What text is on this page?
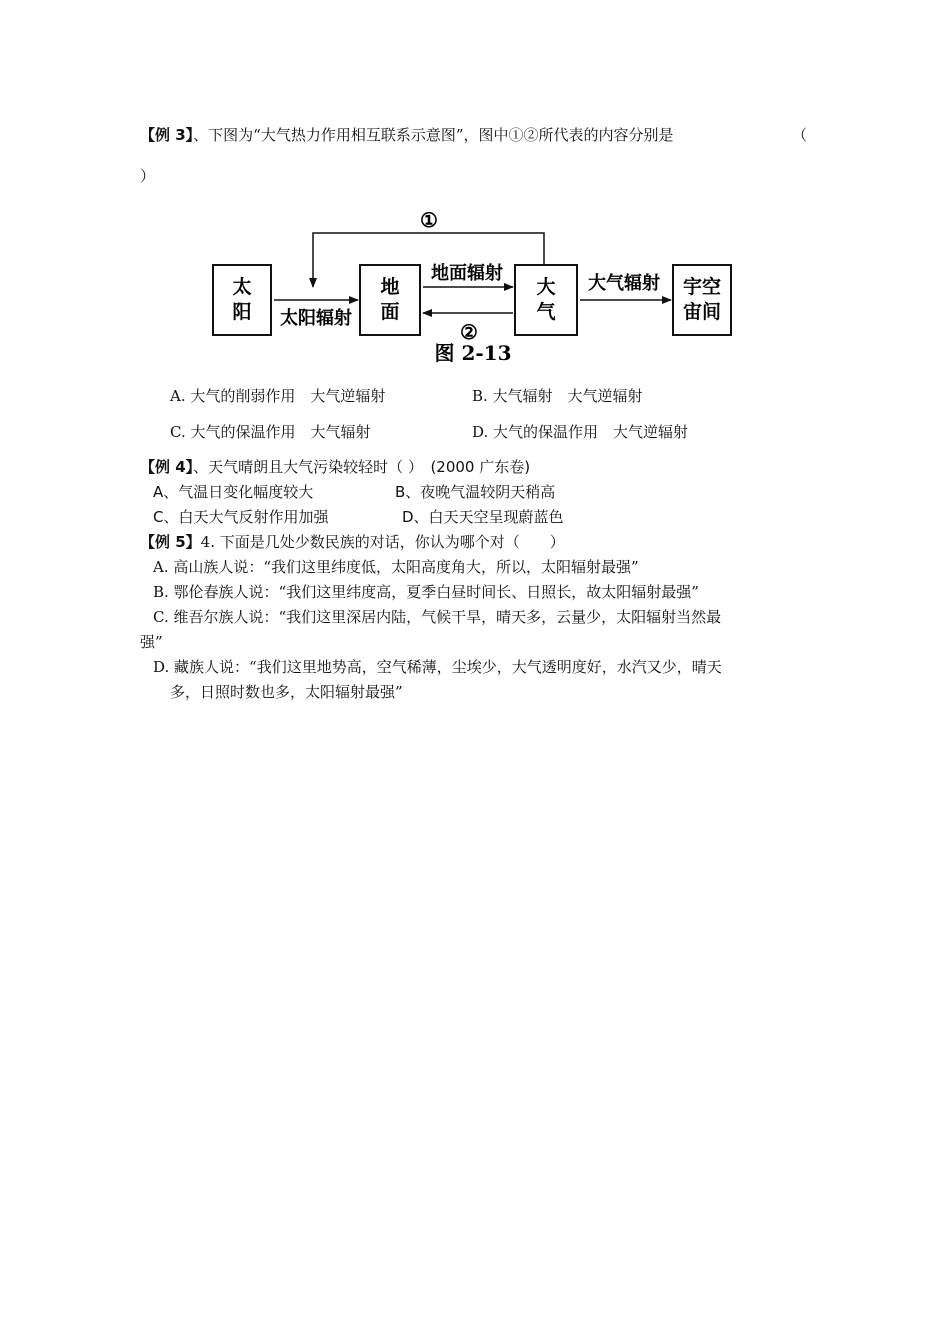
【例 3】、下图为“大气热力作用相互联系示意图”，图中①②所代表的内容分别是	（
）
太
阳
地
面
大
气
宇空
宙间
①
太阳辐射
地面辐射
②
大气辐射
图 2-13
A. 大气的削弱作用　大气逆辐射	B. 大气辐射　大气逆辐射
C. 大气的保温作用　大气辐射	D. 大气的保温作用　大气逆辐射
【例 4】、天气晴朗且大气污染较轻时（ ）　(2000 广东卷)
A、气温日变化幅度较大	B、夜晚气温较阴天稍高
C、白天大气反射作用加强	D、白天天空呈现蔚蓝色
【例 5】4. 下面是几处少数民族的对话，你认为哪个对（　　）
A. 高山族人说：“我们这里纬度低，太阳高度角大，所以，太阳辐射最强”
B. 鄂伦春族人说：“我们这里纬度高，夏季白昼时间长、日照长，故太阳辐射最强”
C. 维吾尔族人说：“我们这里深居内陆，气候干旱，晴天多，云量少，太阳辐射当然最
强”
D. 藏族人说：“我们这里地势高，空气稀薄，尘埃少，大气透明度好，水汽又少，晴天
多，日照时数也多，太阳辐射最强”
